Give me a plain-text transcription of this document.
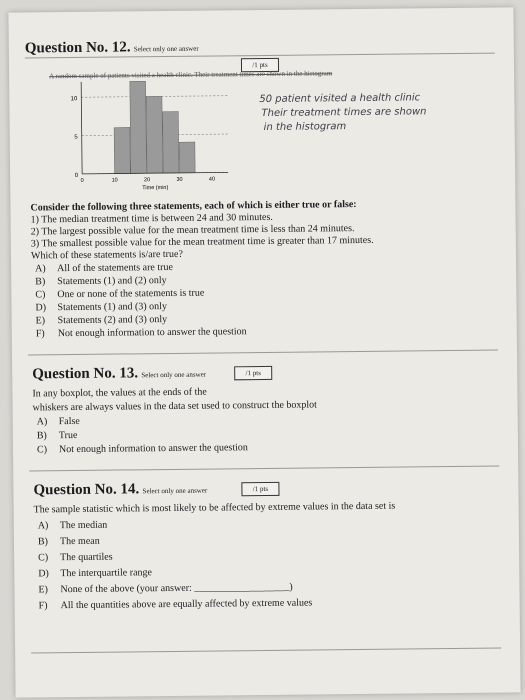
Question No. 12. Select only one answer
/1 pts
A random sample of patients visited a health clinic. Their treatment times are shown in the histogram
50 patient visited a health clinic
Their treatment times are shown
in the histogram
0
5
10
0	10	20	30	40
Time (min)
Consider the following three statements, each of which is either true or false:
1) The median treatment time is between 24 and 30 minutes.
2) The largest possible value for the mean treatment time is less than 24 minutes.
3) The smallest possible value for the mean treatment time is greater than 17 minutes.
Which of these statements is/are true?
A) All of the statements are true
B) Statements (1) and (2) only
C) One or none of the statements is true
D) Statements (1) and (3) only
E) Statements (2) and (3) only
F) Not enough information to answer the question
Question No. 13. Select only one answer	/1 pts
In any boxplot, the values at the ends of the
whiskers are always values in the data set used to construct the boxplot
A) False
B) True
C) Not enough information to answer the question
Question No. 14. Select only one answer	/1 pts
The sample statistic which is most likely to be affected by extreme values in the data set is
A) The median
B) The mean
C) The quartiles
D) The interquartile range
E) None of the above (your answer: ___________________)
F) All the quantities above are equally affected by extreme values
